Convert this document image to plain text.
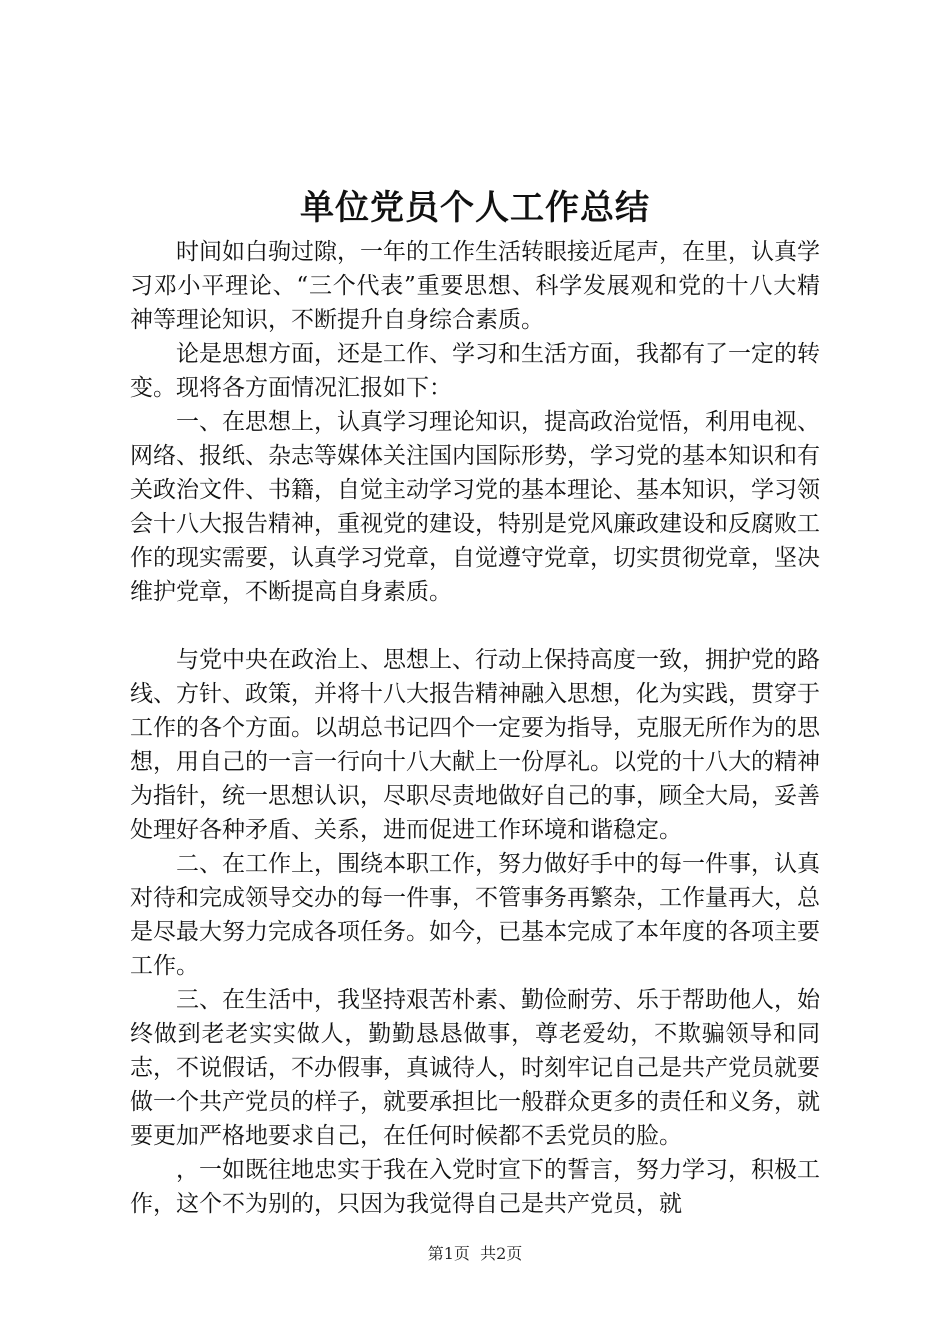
单位党员个人工作总结

时间如白驹过隙，一年的工作生活转眼接近尾声，在里，认真学习邓小平理论、“三个代表”重要思想、科学发展观和党的十八大精神等理论知识，不断提升自身综合素质。

论是思想方面，还是工作、学习和生活方面，我都有了一定的转变。现将各方面情况汇报如下：

一、在思想上，认真学习理论知识，提高政治觉悟，利用电视、网络、报纸、杂志等媒体关注国内国际形势，学习党的基本知识和有关政治文件、书籍，自觉主动学习党的基本理论、基本知识，学习领会十八大报告精神，重视党的建设，特别是党风廉政建设和反腐败工作的现实需要，认真学习党章，自觉遵守党章，切实贯彻党章，坚决维护党章，不断提高自身素质。

与党中央在政治上、思想上、行动上保持高度一致，拥护党的路线、方针、政策，并将十八大报告精神融入思想，化为实践，贯穿于工作的各个方面。以胡总书记四个一定要为指导，克服无所作为的思想，用自己的一言一行向十八大献上一份厚礼。以党的十八大的精神为指针，统一思想认识，尽职尽责地做好自己的事，顾全大局，妥善处理好各种矛盾、关系，进而促进工作环境和谐稳定。

二、在工作上，围绕本职工作，努力做好手中的每一件事，认真对待和完成领导交办的每一件事，不管事务再繁杂，工作量再大，总是尽最大努力完成各项任务。如今，已基本完成了本年度的各项主要工作。

三、在生活中，我坚持艰苦朴素、勤俭耐劳、乐于帮助他人，始终做到老老实实做人，勤勤恳恳做事，尊老爱幼，不欺骗领导和同志，不说假话，不办假事，真诚待人，时刻牢记自己是共产党员就要做一个共产党员的样子，就要承担比一般群众更多的责任和义务，就要更加严格地要求自己，在任何时候都不丢党员的脸。

，一如既往地忠实于我在入党时宣下的誓言，努力学习，积极工作，这个不为别的，只因为我觉得自己是共产党员，就

第1页  共2页
